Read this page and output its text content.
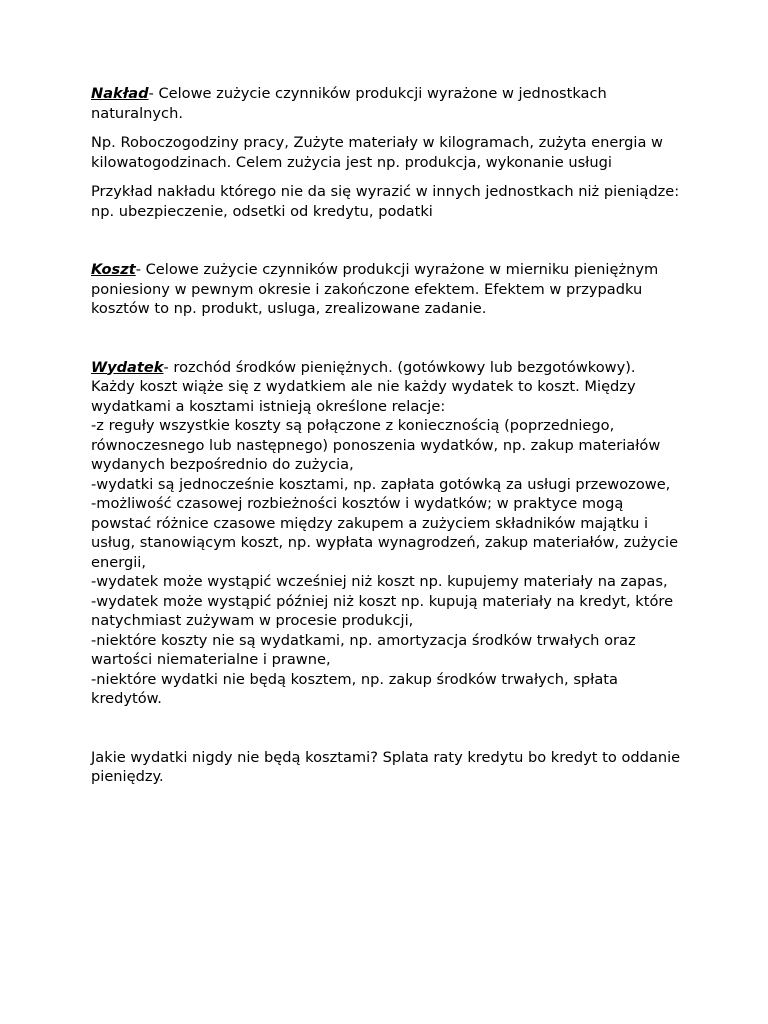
Nakład- Celowe zużycie czynników produkcji wyrażone w jednostkach naturalnych.

Np. Roboczogodziny pracy, Zużyte materiały w kilogramach, zużyta energia w kilowatogodzinach. Celem zużycia jest np. produkcja, wykonanie usługi

Przykład nakładu którego nie da się wyrazić w innych jednostkach niż pieniądze: np. ubezpieczenie, odsetki od kredytu, podatki

Koszt- Celowe zużycie czynników produkcji wyrażone w mierniku pieniężnym poniesiony w pewnym okresie i zakończone efektem. Efektem w przypadku kosztów to np. produkt, usluga, zrealizowane zadanie.

Wydatek- rozchód środków pieniężnych. (gotówkowy lub bezgotówkowy).

Każdy koszt wiąże się z wydatkiem ale nie każdy wydatek to koszt. Między wydatkami a kosztami istnieją określone relacje:

-z reguły wszystkie koszty są połączone z koniecznością (poprzedniego, równoczesnego lub następnego) ponoszenia wydatków, np. zakup materiałów wydanych bezpośrednio do zużycia,

-wydatki są jednocześnie kosztami, np. zapłata gotówką za usługi przewozowe,

-możliwość czasowej rozbieżności kosztów i wydatków; w praktyce mogą powstać różnice czasowe między zakupem a zużyciem składników majątku i usług, stanowiącym koszt, np. wypłata wynagrodzeń, zakup materiałów, zużycie energii,

-wydatek może wystąpić wcześniej niż koszt np. kupujemy materiały na zapas,

-wydatek może wystąpić później niż koszt np. kupują materiały na kredyt, które natychmiast zużywam w procesie produkcji,

-niektóre koszty nie są wydatkami, np. amortyzacja środków trwałych oraz wartości niematerialne i prawne,

-niektóre wydatki nie będą kosztem, np. zakup środków trwałych, spłata kredytów.

Jakie wydatki nigdy nie będą kosztami? Splata raty kredytu bo kredyt to oddanie pieniędzy.
